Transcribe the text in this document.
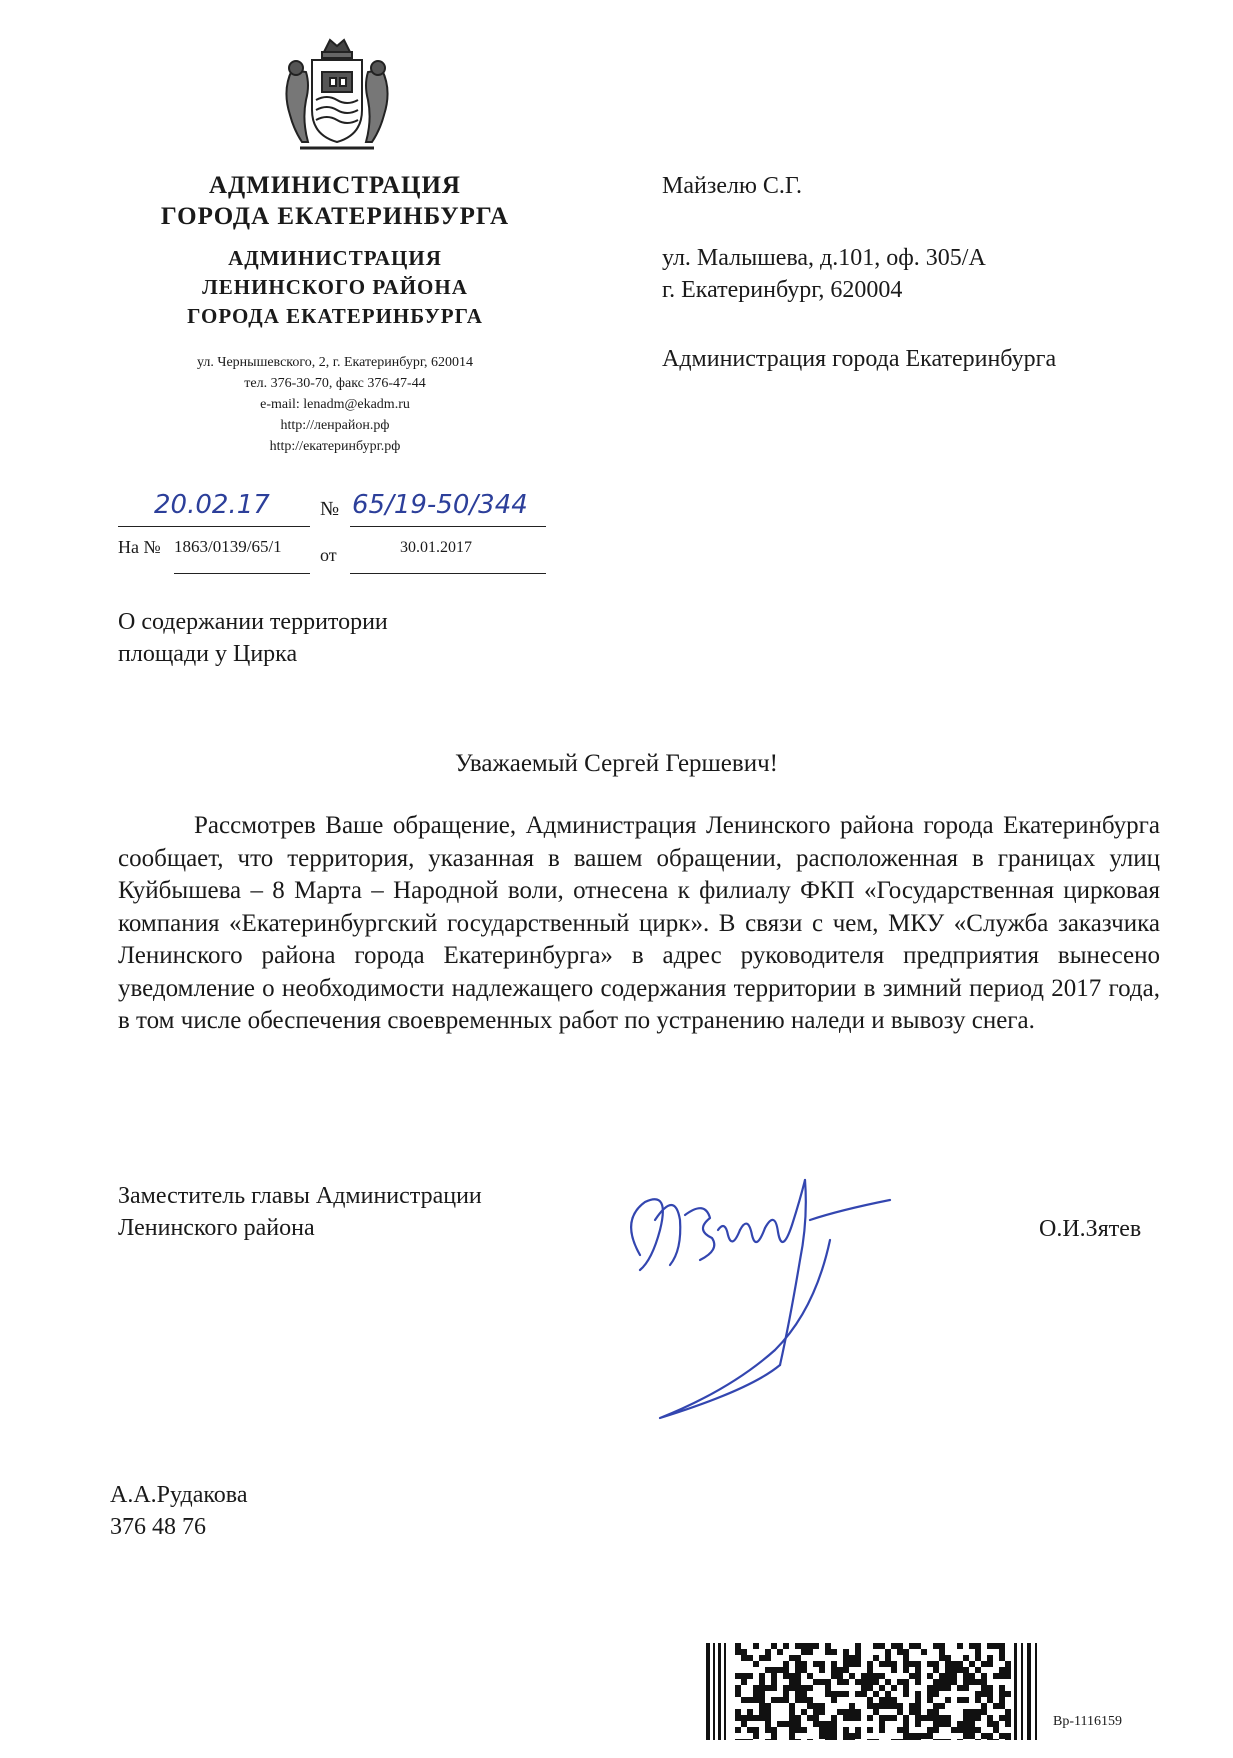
АДМИНИСТРАЦИЯ
ГОРОДА ЕКАТЕРИНБУРГА
АДМИНИСТРАЦИЯ
ЛЕНИНСКОГО РАЙОНА
ГОРОДА ЕКАТЕРИНБУРГА
ул. Чернышевского, 2, г. Екатеринбург, 620014
тел. 376-30-70, факс 376-47-44
e-mail: lenadm@ekadm.ru
http://ленрайон.рф
http://екатеринбург.рф
20.02.17	№ 65/19-50/344
На № 1863/0139/65/1 от	30.01.2017
Майзелю С.Г.
ул. Малышева, д.101, оф. 305/А
г. Екатеринбург, 620004
Администрация города Екатеринбурга
О содержании территории
площади у Цирка
Уважаемый Сергей Гершевич!
Рассмотрев Ваше обращение, Администрация Ленинского района города Екатеринбурга сообщает, что территория, указанная в вашем обращении, расположенная в границах улиц Куйбышева – 8 Марта – Народной воли, отнесена к филиалу ФКП «Государственная цирковая компания «Екатеринбургский государственный цирк». В связи с чем, МКУ «Служба заказчика Ленинского района города Екатеринбурга» в адрес руководителя предприятия вынесено уведомление о необходимости надлежащего содержания территории в зимний период 2017 года, в том числе обеспечения своевременных работ по устранению наледи и вывозу снега.
Заместитель главы Администрации
Ленинского района	О.И.Зятев
А.А.Рудакова
376 48 76
Вр-1116159
